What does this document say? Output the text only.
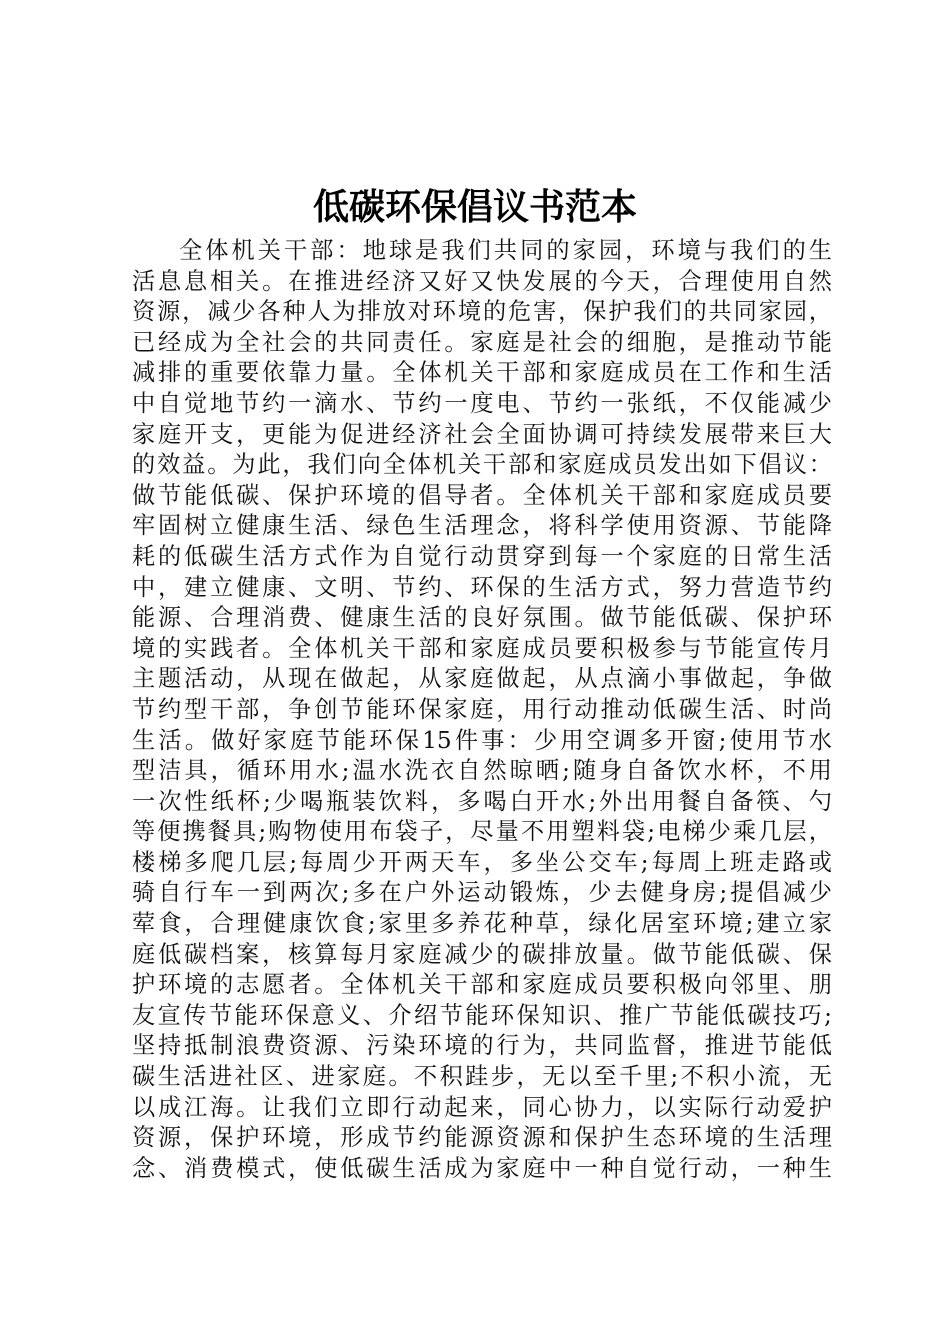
低碳环保倡议书范本
全体机关干部：地球是我们共同的家园，环境与我们的生
活息息相关。在推进经济又好又快发展的今天，合理使用自然
资源，减少各种人为排放对环境的危害，保护我们的共同家园，
已经成为全社会的共同责任。家庭是社会的细胞，是推动节能
减排的重要依靠力量。全体机关干部和家庭成员在工作和生活
中自觉地节约一滴水、节约一度电、节约一张纸，不仅能减少
家庭开支，更能为促进经济社会全面协调可持续发展带来巨大
的效益。为此，我们向全体机关干部和家庭成员发出如下倡议：
做节能低碳、保护环境的倡导者。全体机关干部和家庭成员要
牢固树立健康生活、绿色生活理念，将科学使用资源、节能降
耗的低碳生活方式作为自觉行动贯穿到每一个家庭的日常生活
中，建立健康、文明、节约、环保的生活方式，努力营造节约
能源、合理消费、健康生活的良好氛围。做节能低碳、保护环
境的实践者。全体机关干部和家庭成员要积极参与节能宣传月
主题活动，从现在做起，从家庭做起，从点滴小事做起，争做
节约型干部，争创节能环保家庭，用行动推动低碳生活、时尚
生活。做好家庭节能环保15件事：少用空调多开窗;使用节水
型洁具，循环用水;温水洗衣自然晾晒;随身自备饮水杯，不用
一次性纸杯;少喝瓶装饮料，多喝白开水;外出用餐自备筷、勺
等便携餐具;购物使用布袋子，尽量不用塑料袋;电梯少乘几层，
楼梯多爬几层;每周少开两天车，多坐公交车;每周上班走路或
骑自行车一到两次;多在户外运动锻炼，少去健身房;提倡减少
荤食，合理健康饮食;家里多养花种草，绿化居室环境;建立家
庭低碳档案，核算每月家庭减少的碳排放量。做节能低碳、保
护环境的志愿者。全体机关干部和家庭成员要积极向邻里、朋
友宣传节能环保意义、介绍节能环保知识、推广节能低碳技巧;
坚持抵制浪费资源、污染环境的行为，共同监督，推进节能低
碳生活进社区、进家庭。不积跬步，无以至千里;不积小流，无
以成江海。让我们立即行动起来，同心协力，以实际行动爱护
资源，保护环境，形成节约能源资源和保护生态环境的生活理
念、消费模式，使低碳生活成为家庭中一种自觉行动，一种生
